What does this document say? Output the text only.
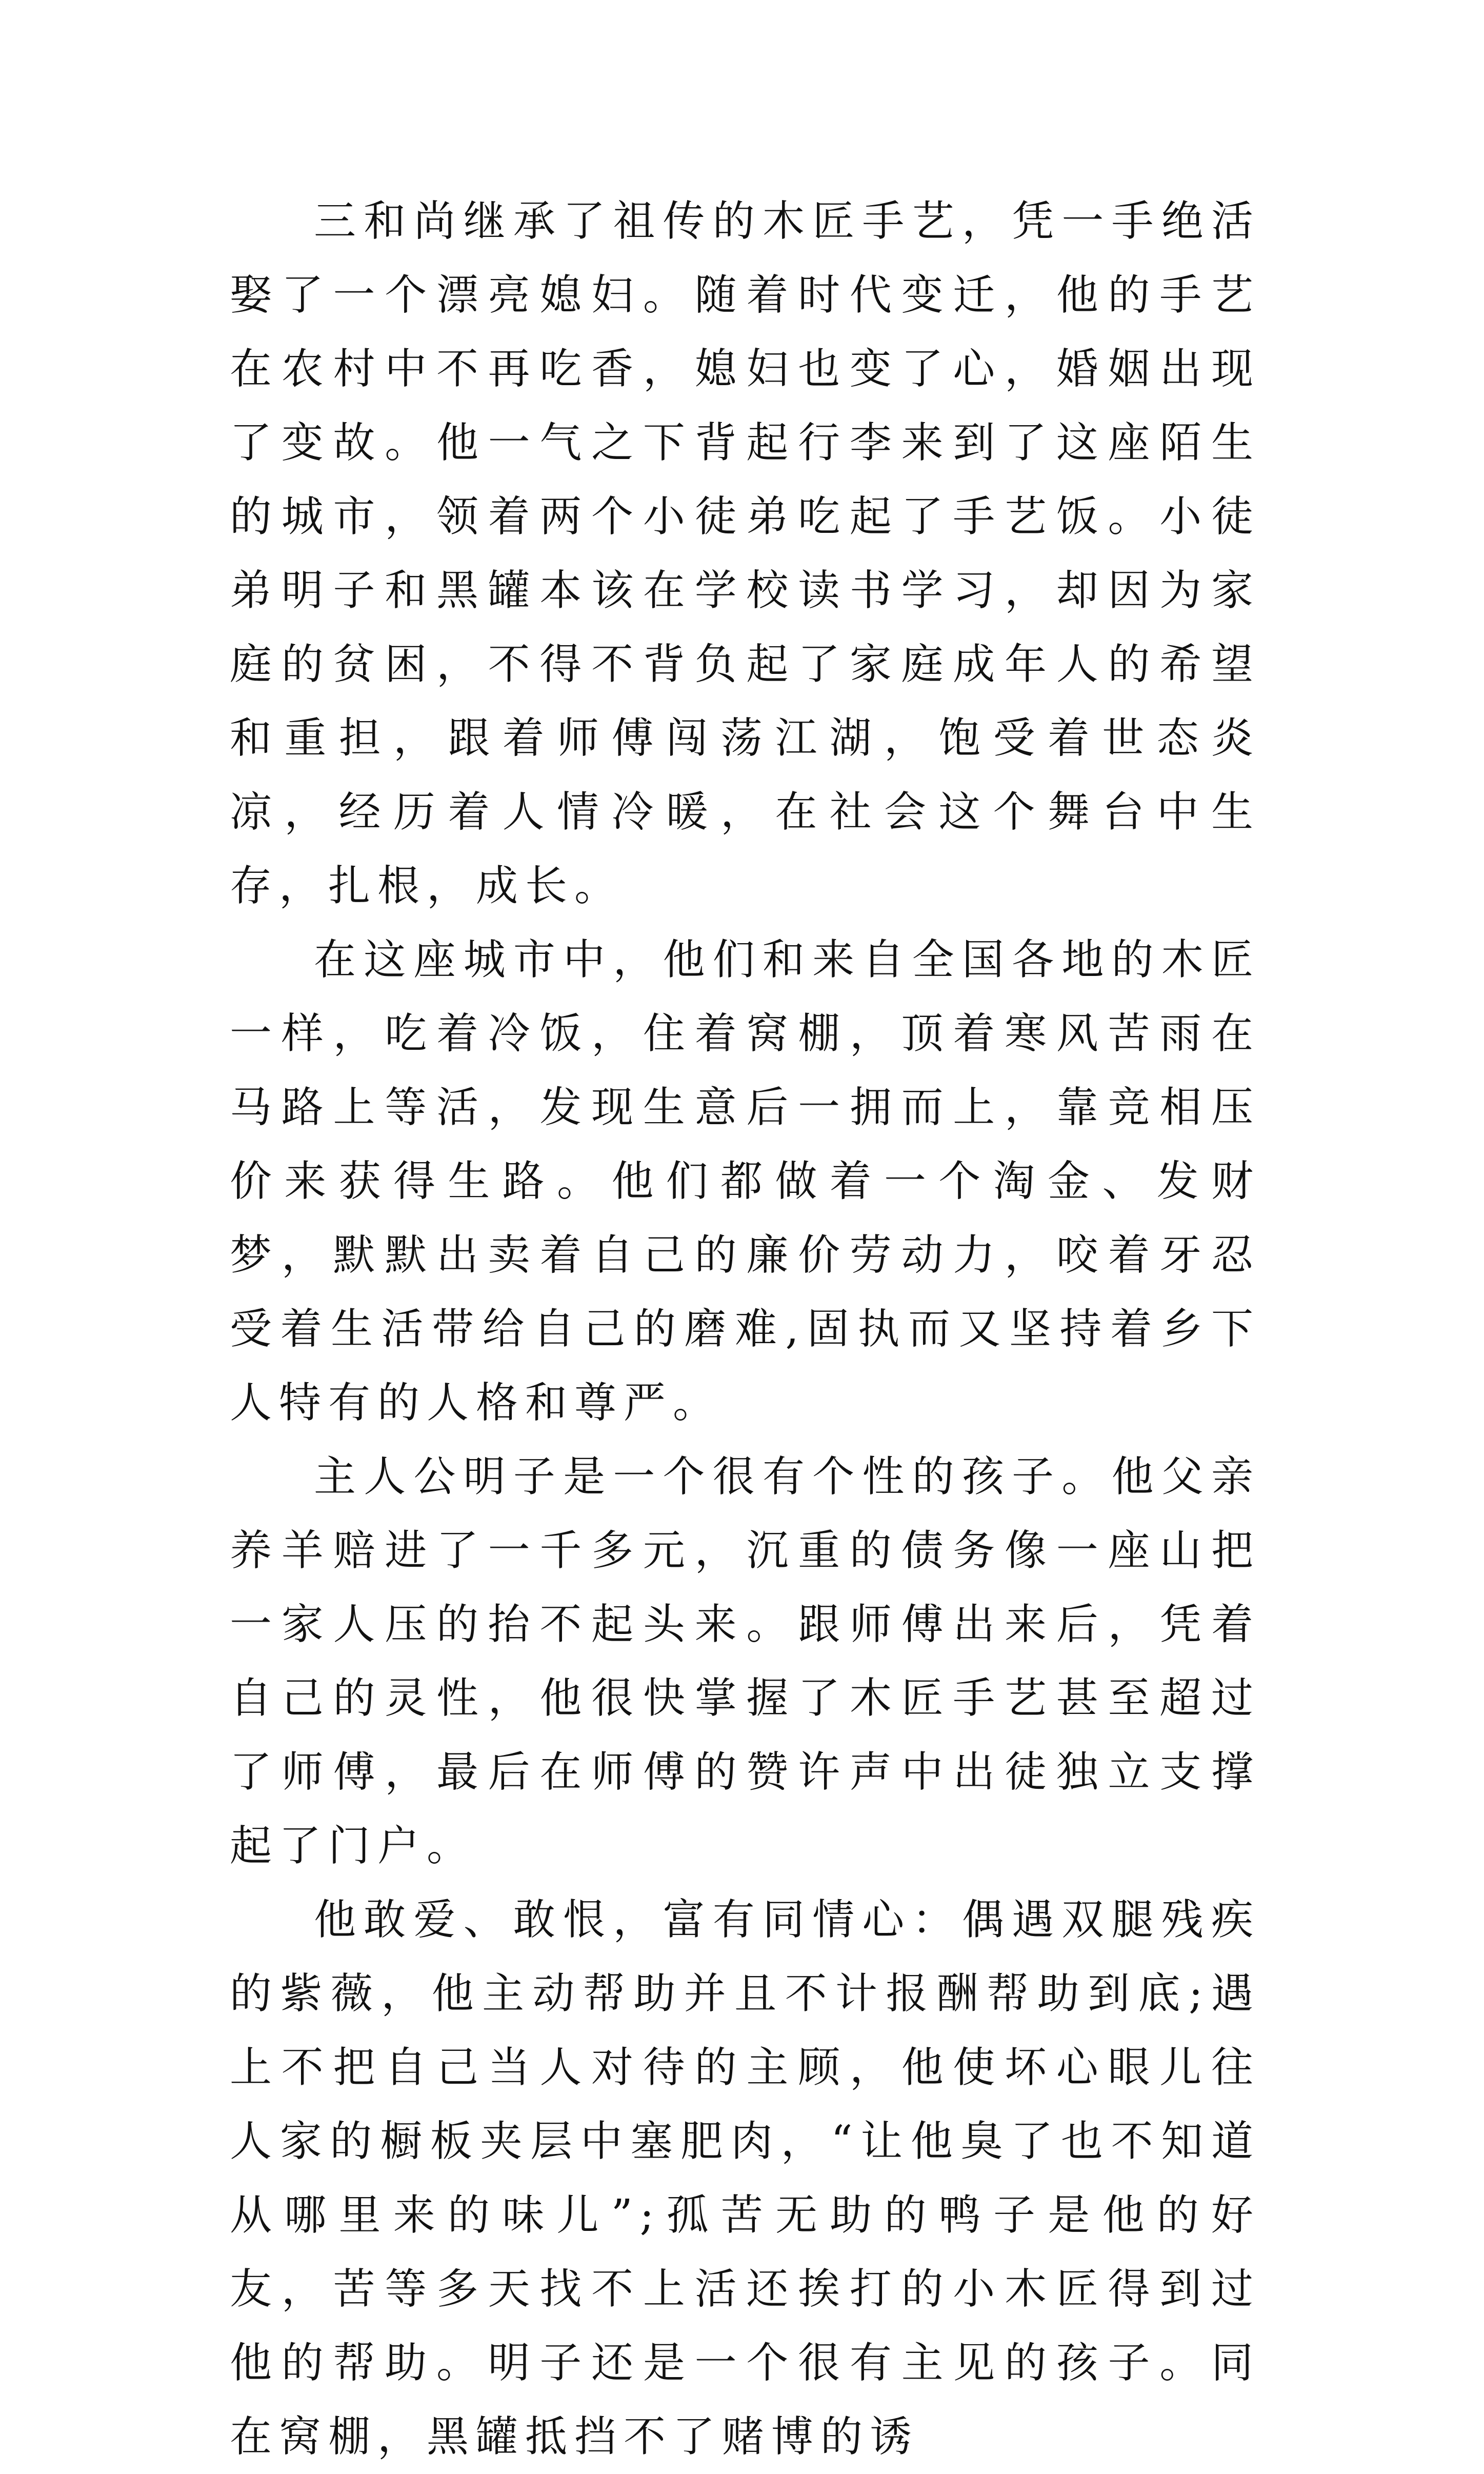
三和尚继承了祖传的木匠手艺，凭一手绝活娶了一个漂亮媳妇。随着时代变迁，他的手艺在农村中不再吃香，媳妇也变了心，婚姻出现了变故。他一气之下背起行李来到了这座陌生的城市，领着两个小徒弟吃起了手艺饭。小徒弟明子和黑罐本该在学校读书学习，却因为家庭的贫困，不得不背负起了家庭成年人的希望和重担，跟着师傅闯荡江湖，饱受着世态炎凉，经历着人情冷暖，在社会这个舞台中生存，扎根，成长。

在这座城市中，他们和来自全国各地的木匠一样，吃着冷饭，住着窝棚，顶着寒风苦雨在马路上等活，发现生意后一拥而上，靠竞相压价来获得生路。他们都做着一个淘金、发财梦，默默出卖着自己的廉价劳动力，咬着牙忍受着生活带给自己的磨难,固执而又坚持着乡下人特有的人格和尊严。

主人公明子是一个很有个性的孩子。他父亲养羊赔进了一千多元，沉重的债务像一座山把一家人压的抬不起头来。跟师傅出来后，凭着自己的灵性，他很快掌握了木匠手艺甚至超过了师傅，最后在师傅的赞许声中出徒独立支撑起了门户。

他敢爱、敢恨，富有同情心：偶遇双腿残疾的紫薇，他主动帮助并且不计报酬帮助到底;遇上不把自己当人对待的主顾，他使坏心眼儿往人家的橱板夹层中塞肥肉，“让他臭了也不知道从哪里来的味儿”;孤苦无助的鸭子是他的好友，苦等多天找不上活还挨打的小木匠得到过他的帮助。明子还是一个很有主见的孩子。同在窝棚，黑罐抵挡不了赌博的诱
